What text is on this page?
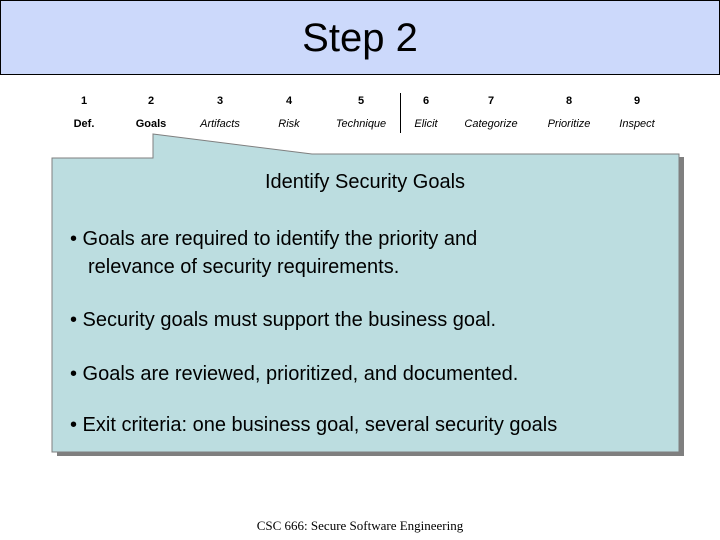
Step 2
1
Def.
2
Goals
3
Artifacts
4
Risk
5
Technique
6
Elicit
7
Categorize
8
Prioritize
9
Inspect
Identify Security Goals
• Goals are required to identify the priority and
relevance of security requirements.
• Security goals must support the business goal.
• Goals are reviewed, prioritized, and documented.
• Exit criteria: one business goal, several security goals
CSC 666: Secure Software Engineering
